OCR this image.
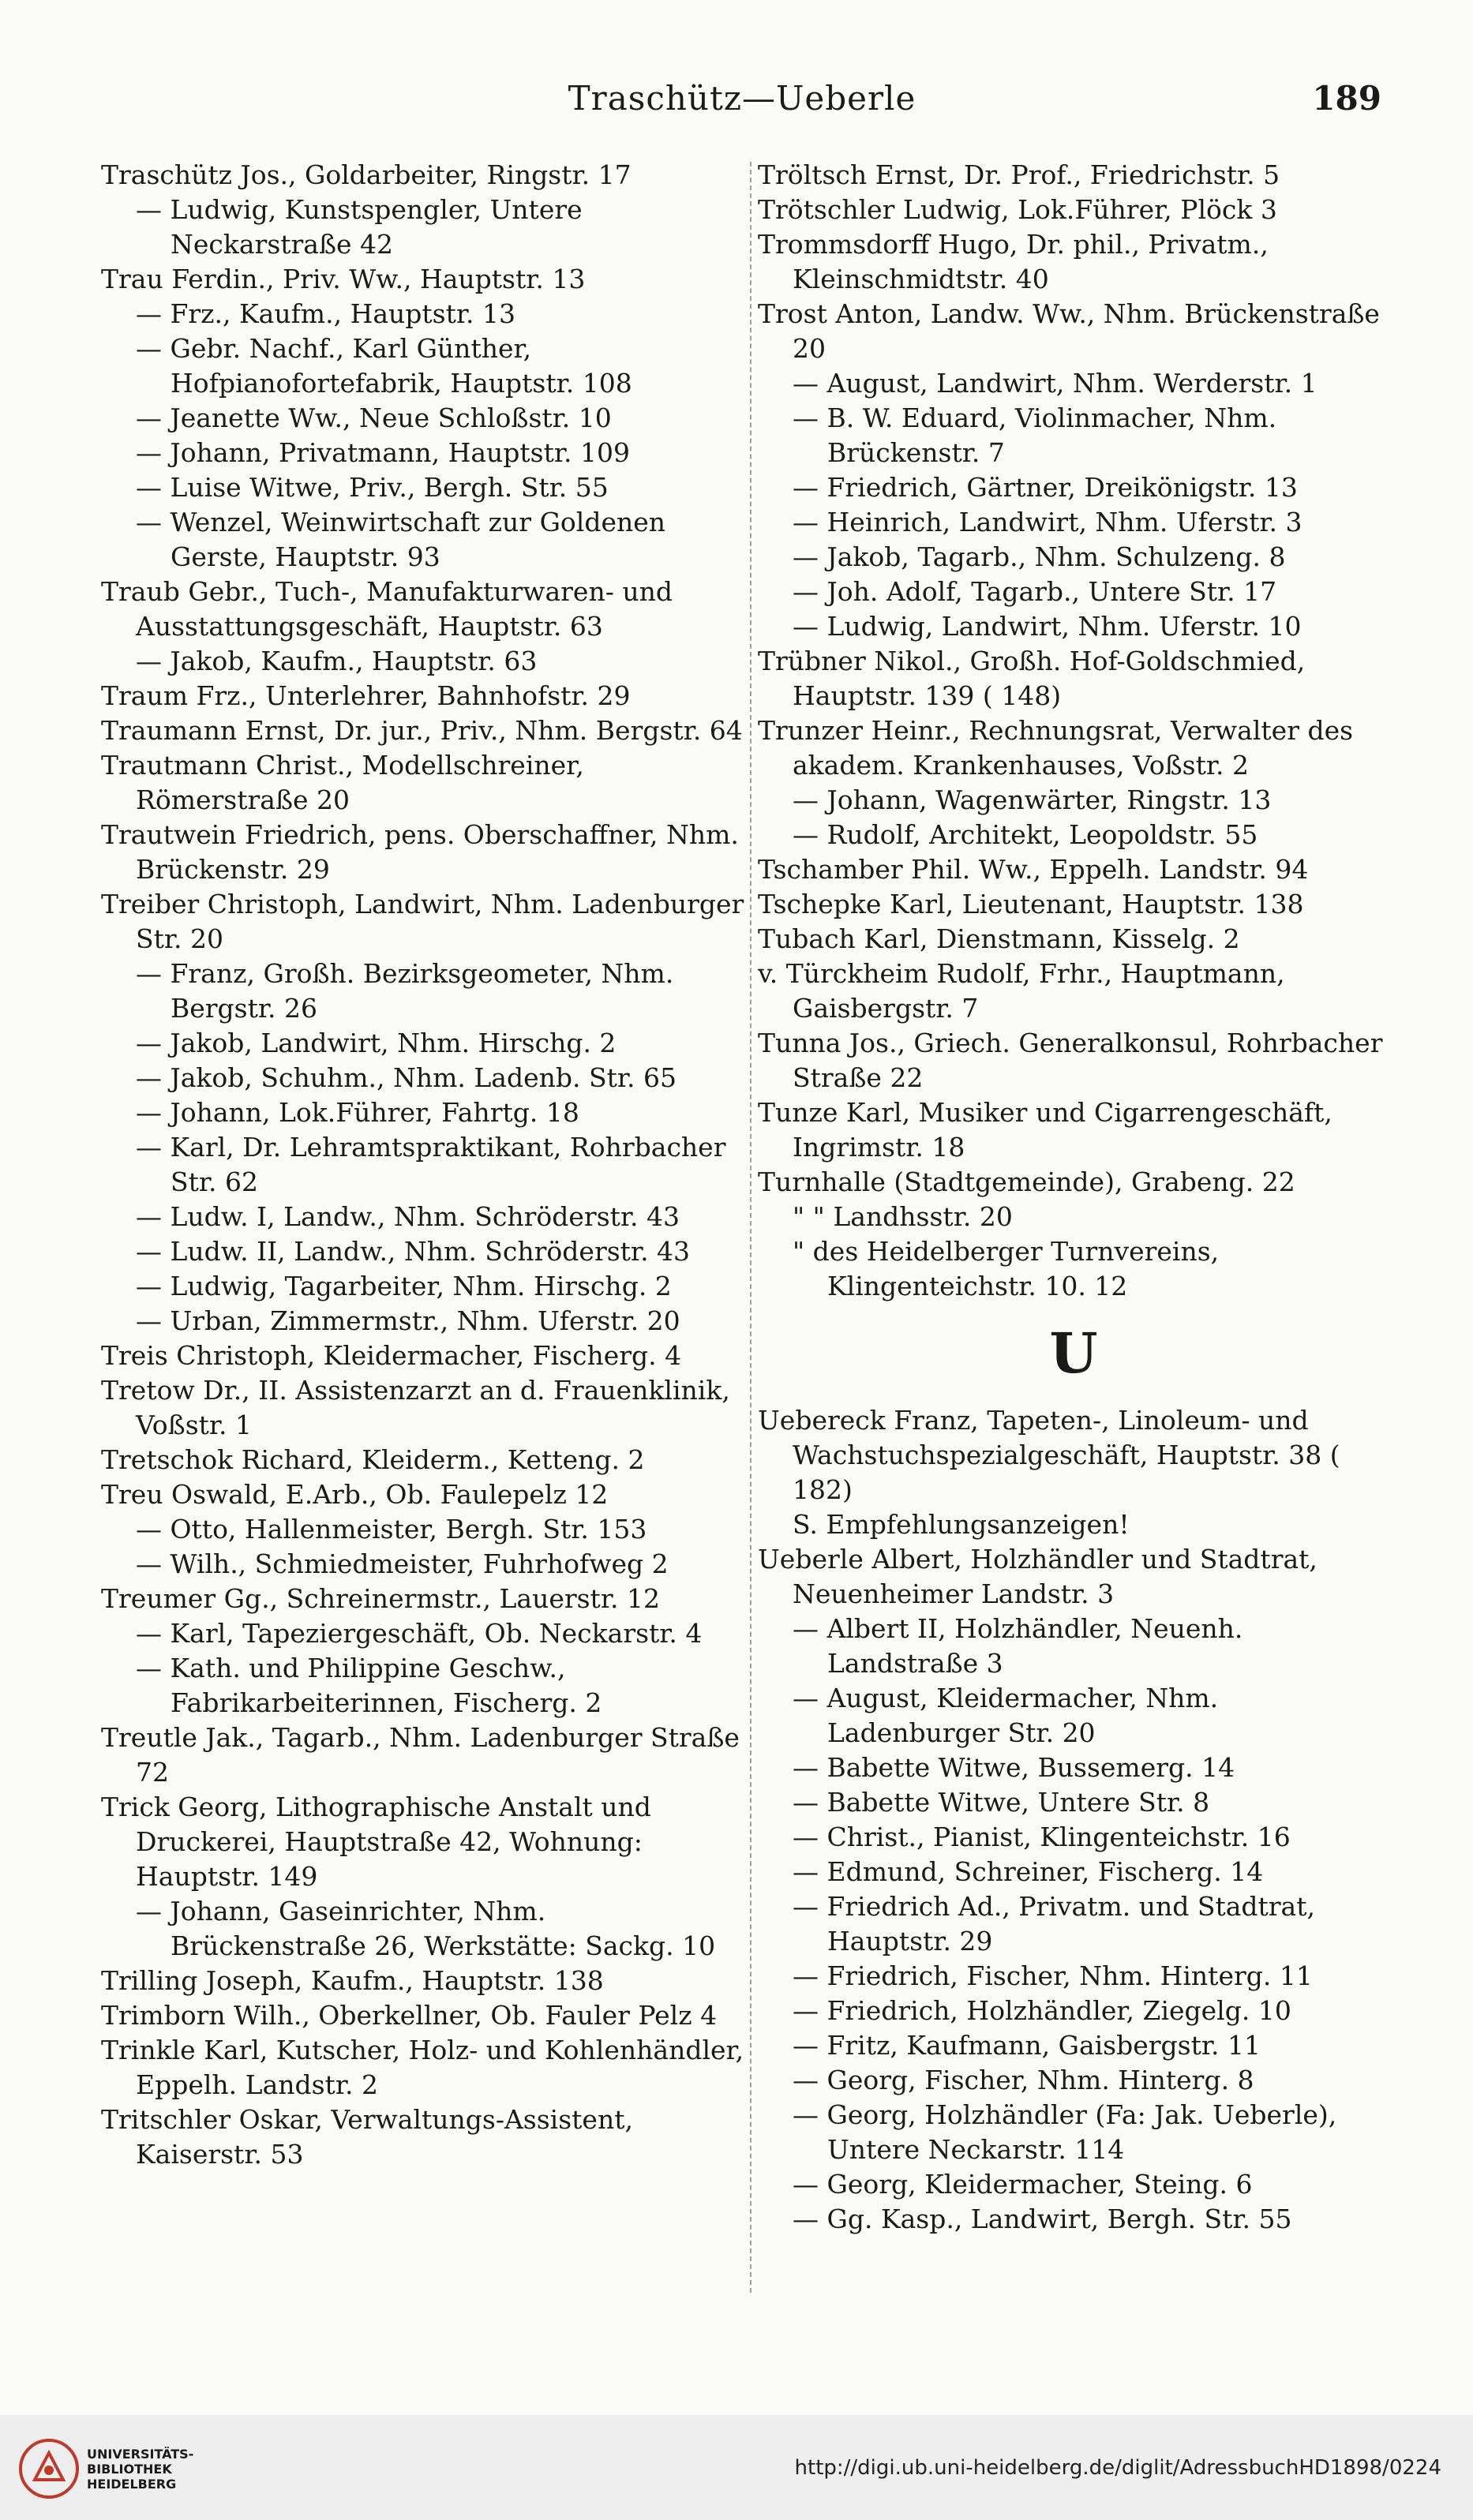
Traschütz—Ueberle	189

Traschütz Jos., Goldarbeiter, Ringstr. 17

— Ludwig, Kunstspengler, Untere Neckarstraße 42

Trau Ferdin., Priv. Ww., Hauptstr. 13

— Frz., Kaufm., Hauptstr. 13

— Gebr. Nachf., Karl Günther, Hofpianofortefabrik, Hauptstr. 108

— Jeanette Ww., Neue Schloßstr. 10

— Johann, Privatmann, Hauptstr. 109

— Luise Witwe, Priv., Bergh. Str. 55

— Wenzel, Weinwirtschaft zur Goldenen Gerste, Hauptstr. 93

Traub Gebr., Tuch-, Manufakturwaren- und Ausstattungsgeschäft, Hauptstr. 63

— Jakob, Kaufm., Hauptstr. 63

Traum Frz., Unterlehrer, Bahnhofstr. 29

Traumann Ernst, Dr. jur., Priv., Nhm. Bergstr. 64

Trautmann Christ., Modellschreiner, Römerstraße 20

Trautwein Friedrich, pens. Oberschaffner, Nhm. Brückenstr. 29

Treiber Christoph, Landwirt, Nhm. Ladenburger Str. 20

— Franz, Großh. Bezirksgeometer, Nhm. Bergstr. 26

— Jakob, Landwirt, Nhm. Hirschg. 2

— Jakob, Schuhm., Nhm. Ladenb. Str. 65

— Johann, Lok.Führer, Fahrtg. 18

— Karl, Dr. Lehramtspraktikant, Rohrbacher Str. 62

— Ludw. I, Landw., Nhm. Schröderstr. 43

— Ludw. II, Landw., Nhm. Schröderstr. 43

— Ludwig, Tagarbeiter, Nhm. Hirschg. 2

— Urban, Zimmermstr., Nhm. Uferstr. 20

Treis Christoph, Kleidermacher, Fischerg. 4

Tretow Dr., II. Assistenzarzt an d. Frauenklinik, Voßstr. 1

Tretschok Richard, Kleiderm., Ketteng. 2

Treu Oswald, E.Arb., Ob. Faulepelz 12

— Otto, Hallenmeister, Bergh. Str. 153

— Wilh., Schmiedmeister, Fuhrhofweg 2

Treumer Gg., Schreinermstr., Lauerstr. 12

— Karl, Tapeziergeschäft, Ob. Neckarstr. 4

— Kath. und Philippine Geschw., Fabrikarbeiterinnen, Fischerg. 2

Treutle Jak., Tagarb., Nhm. Ladenburger Straße 72

Trick Georg, Lithographische Anstalt und Druckerei, Hauptstraße 42, Wohnung: Hauptstr. 149

— Johann, Gaseinrichter, Nhm. Brückenstraße 26, Werkstätte: Sackg. 10

Trilling Joseph, Kaufm., Hauptstr. 138

Trimborn Wilh., Oberkellner, Ob. Fauler Pelz 4

Trinkle Karl, Kutscher, Holz- und Kohlenhändler, Eppelh. Landstr. 2

Tritschler Oskar, Verwaltungs-Assistent, Kaiserstr. 53

Tröltsch Ernst, Dr. Prof., Friedrichstr. 5

Trötschler Ludwig, Lok.Führer, Plöck 3

Trommsdorff Hugo, Dr. phil., Privatm., Kleinschmidtstr. 40

Trost Anton, Landw. Ww., Nhm. Brückenstraße 20

— August, Landwirt, Nhm. Werderstr. 1

— B. W. Eduard, Violinmacher, Nhm. Brückenstr. 7

— Friedrich, Gärtner, Dreikönigstr. 13

— Heinrich, Landwirt, Nhm. Uferstr. 3

— Jakob, Tagarb., Nhm. Schulzeng. 8

— Joh. Adolf, Tagarb., Untere Str. 17

— Ludwig, Landwirt, Nhm. Uferstr. 10

Trübner Nikol., Großh. Hof-Goldschmied, Hauptstr. 139 ( 148)

Trunzer Heinr., Rechnungsrat, Verwalter des akadem. Krankenhauses, Voßstr. 2

— Johann, Wagenwärter, Ringstr. 13

— Rudolf, Architekt, Leopoldstr. 55

Tschamber Phil. Ww., Eppelh. Landstr. 94

Tschepke Karl, Lieutenant, Hauptstr. 138

Tubach Karl, Dienstmann, Kisselg. 2

v. Türckheim Rudolf, Frhr., Hauptmann, Gaisbergstr. 7

Tunna Jos., Griech. Generalkonsul, Rohrbacher Straße 22

Tunze Karl, Musiker und Cigarrengeschäft, Ingrimstr. 18

Turnhalle (Stadtgemeinde), Grabeng. 22

" " Landhsstr. 20

" des Heidelberger Turnvereins, Klingenteichstr. 10. 12

U

Uebereck Franz, Tapeten-, Linoleum- und Wachstuchspezialgeschäft, Hauptstr. 38 ( 182)

S. Empfehlungsanzeigen!

Ueberle Albert, Holzhändler und Stadtrat, Neuenheimer Landstr. 3

— Albert II, Holzhändler, Neuenh. Landstraße 3

— August, Kleidermacher, Nhm. Ladenburger Str. 20

— Babette Witwe, Bussemerg. 14

— Babette Witwe, Untere Str. 8

— Christ., Pianist, Klingenteichstr. 16

— Edmund, Schreiner, Fischerg. 14

— Friedrich Ad., Privatm. und Stadtrat, Hauptstr. 29

— Friedrich, Fischer, Nhm. Hinterg. 11

— Friedrich, Holzhändler, Ziegelg. 10

— Fritz, Kaufmann, Gaisbergstr. 11

— Georg, Fischer, Nhm. Hinterg. 8

— Georg, Holzhändler (Fa: Jak. Ueberle), Untere Neckarstr. 114

— Georg, Kleidermacher, Steing. 6

— Gg. Kasp., Landwirt, Bergh. Str. 55

UNIVERSITÄTS-
BIBLIOTHEK
HEIDELBERG
http://digi.ub.uni-heidelberg.de/diglit/AdressbuchHD1898/0224
